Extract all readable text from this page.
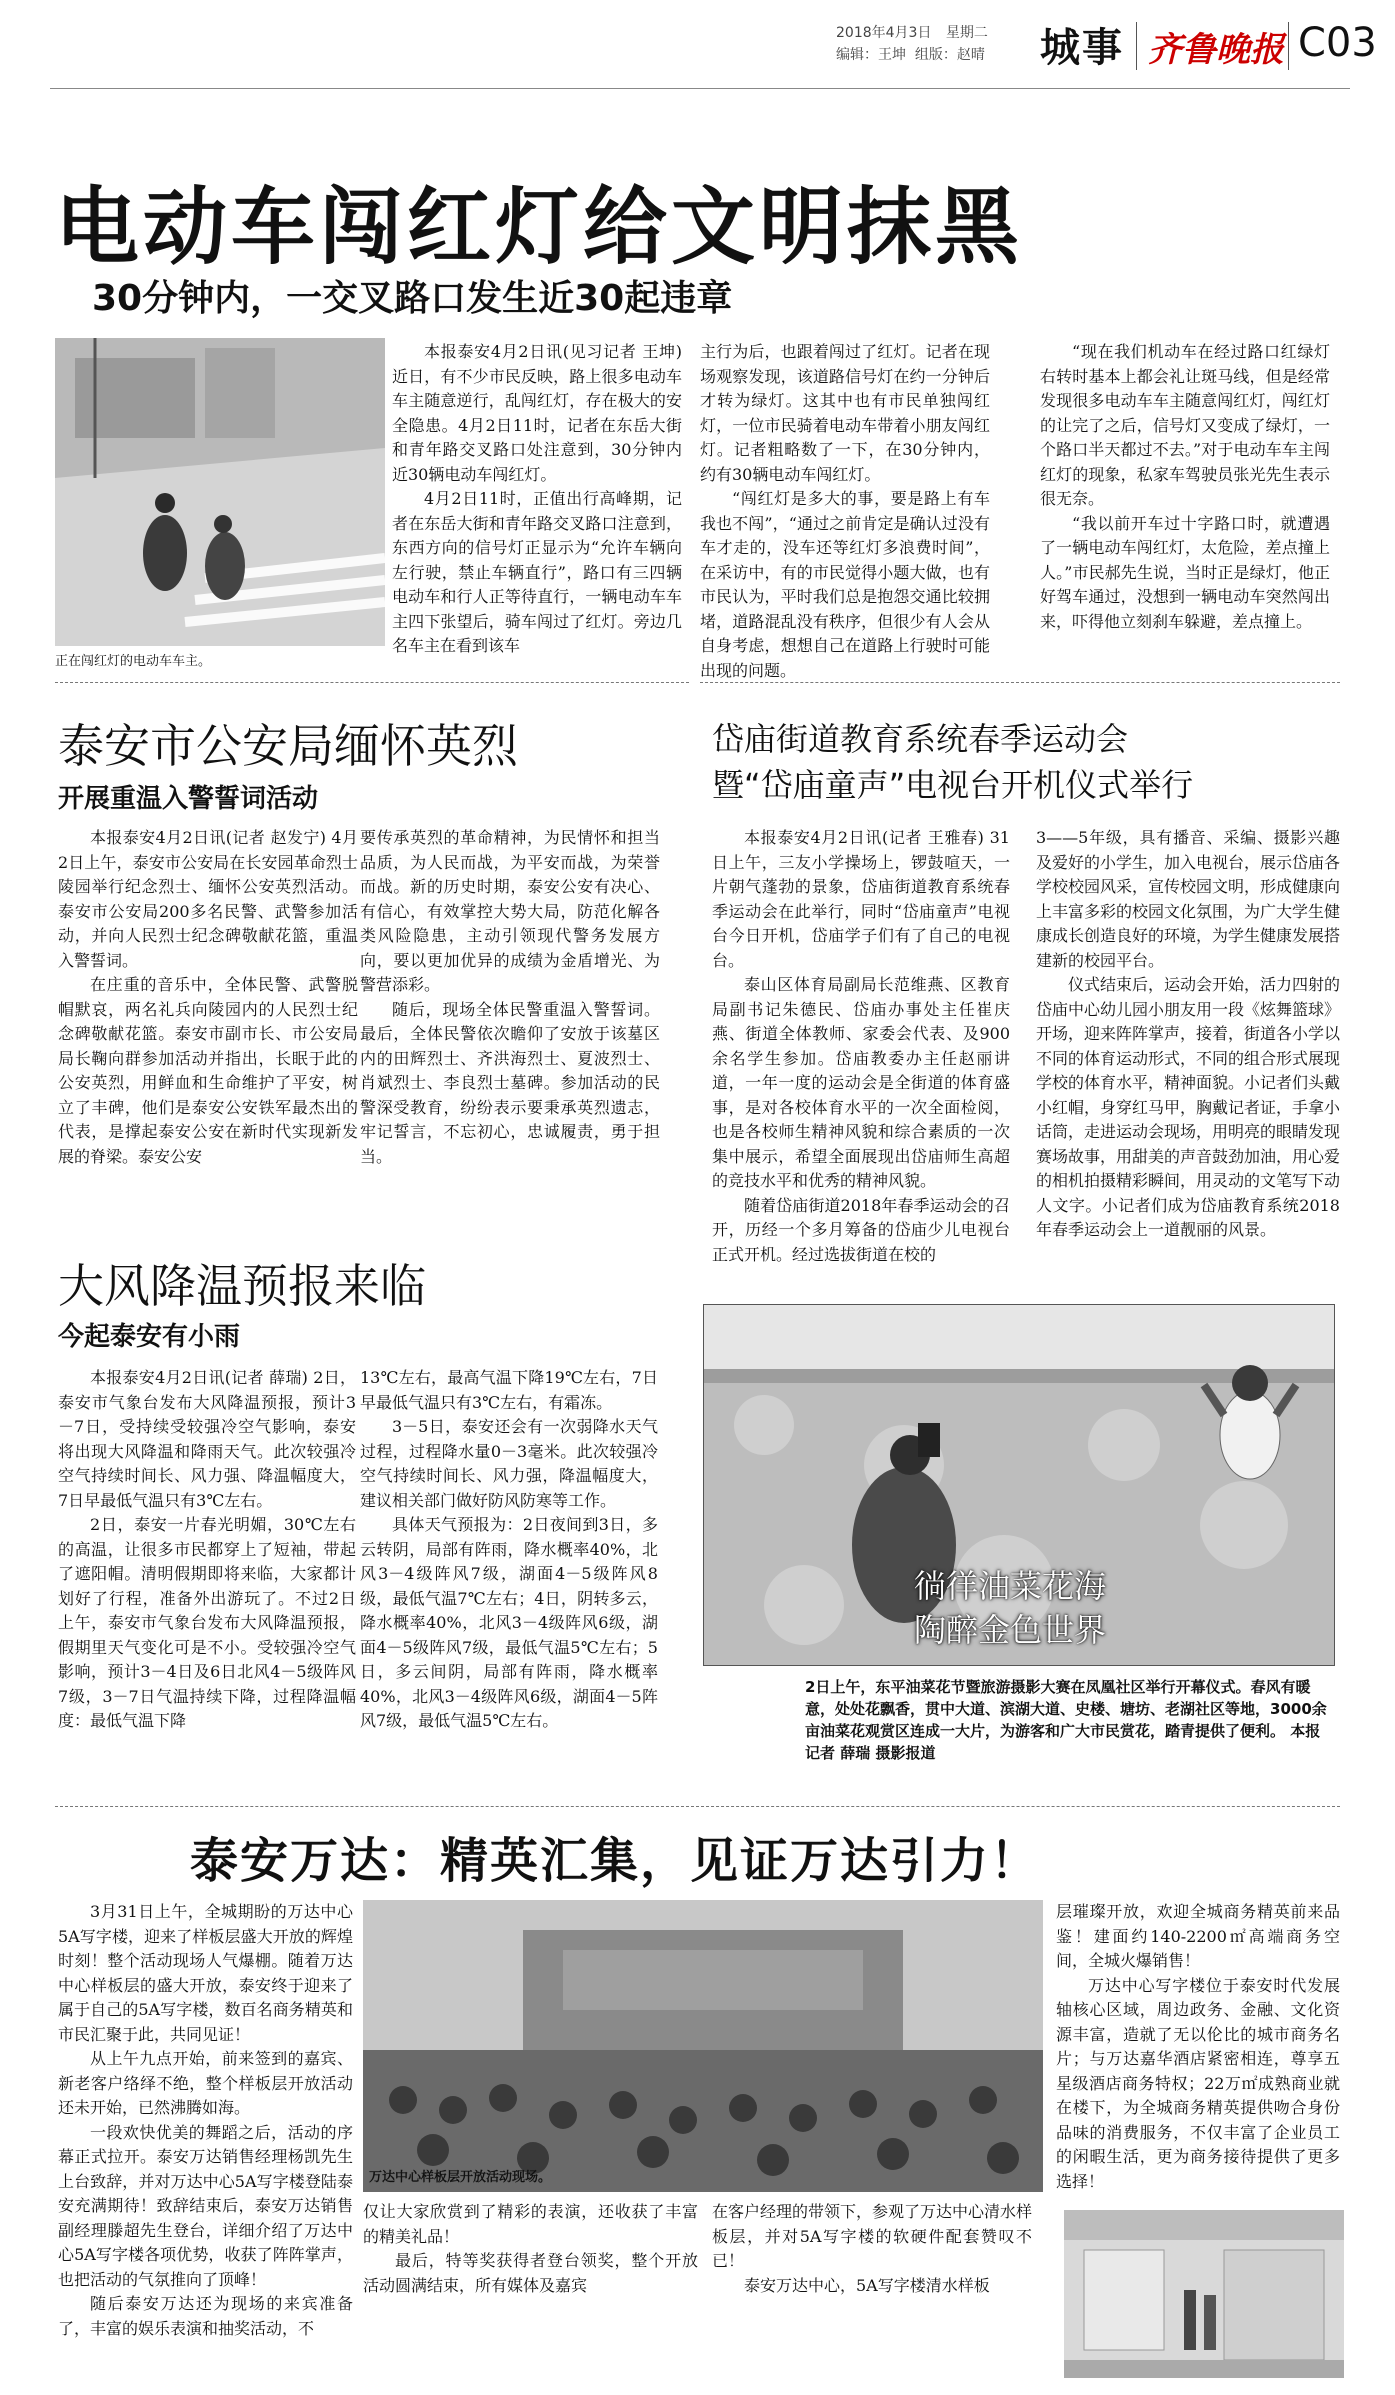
2018年4月3日 星期二
编辑：王坤  组版：赵晴 城事 齐鲁晚报 C03
电动车闯红灯给文明抹黑
30分钟内，一交叉路口发生近30起违章
正在闯红灯的电动车车主。

本报泰安4月2日讯(见习记者 王坤) 近日，有不少市民反映，路上很多电动车车主随意逆行，乱闯红灯，存在极大的安全隐患。4月2日11时，记者在东岳大街和青年路交叉路口处注意到，30分钟内近30辆电动车闯红灯。

4月2日11时，正值出行高峰期，记者在东岳大街和青年路交叉路口注意到，东西方向的信号灯正显示为“允许车辆向左行驶，禁止车辆直行”，路口有三四辆电动车和行人正等待直行，一辆电动车车主四下张望后，骑车闯过了红灯。旁边几名车主在看到该车

主行为后，也跟着闯过了红灯。记者在现场观察发现，该道路信号灯在约一分钟后才转为绿灯。这其中也有市民单独闯红灯，一位市民骑着电动车带着小朋友闯红灯。记者粗略数了一下，在30分钟内，约有30辆电动车闯红灯。

“闯红灯是多大的事，要是路上有车我也不闯”，“通过之前肯定是确认过没有车才走的，没车还等红灯多浪费时间”，在采访中，有的市民觉得小题大做，也有市民认为，平时我们总是抱怨交通比较拥堵，道路混乱没有秩序，但很少有人会从自身考虑，想想自己在道路上行驶时可能出现的问题。

“现在我们机动车在经过路口红绿灯右转时基本上都会礼让斑马线，但是经常发现很多电动车车主随意闯红灯，闯红灯的让完了之后，信号灯又变成了绿灯，一个路口半天都过不去。”对于电动车车主闯红灯的现象，私家车驾驶员张光先生表示很无奈。

“我以前开车过十字路口时，就遭遇了一辆电动车闯红灯，太危险，差点撞上人。”市民郝先生说，当时正是绿灯，他正好驾车通过，没想到一辆电动车突然闯出来，吓得他立刻刹车躲避，差点撞上。

泰安市公安局缅怀英烈
开展重温入警誓词活动

本报泰安4月2日讯(记者 赵发宁) 4月2日上午，泰安市公安局在长安园革命烈士陵园举行纪念烈士、缅怀公安英烈活动。泰安市公安局200多名民警、武警参加活动，并向人民烈士纪念碑敬献花篮，重温入警誓词。

在庄重的音乐中，全体民警、武警脱帽默哀，两名礼兵向陵园内的人民烈士纪念碑敬献花篮。泰安市副市长、市公安局局长鞠向群参加活动并指出，长眠于此的公安英烈，用鲜血和生命维护了平安，树立了丰碑，他们是泰安公安铁军最杰出的代表，是撑起泰安公安在新时代实现新发展的脊梁。泰安公安

要传承英烈的革命精神，为民情怀和担当品质，为人民而战，为平安而战，为荣誉而战。新的历史时期，泰安公安有决心、有信心，有效掌控大势大局，防范化解各类风险隐患，主动引领现代警务发展方向，要以更加优异的成绩为金盾增光、为警营添彩。

随后，现场全体民警重温入警誓词。最后，全体民警依次瞻仰了安放于该墓区内的田辉烈士、齐洪海烈士、夏波烈士、肖斌烈士、李良烈士墓碑。参加活动的民警深受教育，纷纷表示要秉承英烈遗志，牢记誓言，不忘初心，忠诚履责，勇于担当。

岱庙街道教育系统春季运动会
暨“岱庙童声”电视台开机仪式举行

本报泰安4月2日讯(记者 王雅春) 31日上午，三友小学操场上，锣鼓喧天，一片朝气蓬勃的景象，岱庙街道教育系统春季运动会在此举行，同时“岱庙童声”电视台今日开机，岱庙学子们有了自己的电视台。

泰山区体育局副局长范维燕、区教育局副书记朱德民、岱庙办事处主任崔庆燕、街道全体教师、家委会代表、及900余名学生参加。岱庙教委办主任赵丽讲道，一年一度的运动会是全街道的体育盛事，是对各校体育水平的一次全面检阅，也是各校师生精神风貌和综合素质的一次集中展示，希望全面展现出岱庙师生高超的竞技水平和优秀的精神风貌。

随着岱庙街道2018年春季运动会的召开，历经一个多月筹备的岱庙少儿电视台正式开机。经过选拔街道在校的

3——5年级，具有播音、采编、摄影兴趣及爱好的小学生，加入电视台，展示岱庙各学校校园风采，宣传校园文明，形成健康向上丰富多彩的校园文化氛围，为广大学生健康成长创造良好的环境，为学生健康发展搭建新的校园平台。

仪式结束后，运动会开始，活力四射的岱庙中心幼儿园小朋友用一段《炫舞篮球》开场，迎来阵阵掌声，接着，街道各小学以不同的体育运动形式，不同的组合形式展现学校的体育水平，精神面貌。小记者们头戴小红帽，身穿红马甲，胸戴记者证，手拿小话筒，走进运动会现场，用明亮的眼睛发现赛场故事，用甜美的声音鼓劲加油，用心爱的相机拍摄精彩瞬间，用灵动的文笔写下动人文字。小记者们成为岱庙教育系统2018年春季运动会上一道靓丽的风景。

大风降温预报来临
今起泰安有小雨

本报泰安4月2日讯(记者 薛瑞) 2日，泰安市气象台发布大风降温预报，预计3－7日，受持续受较强冷空气影响，泰安将出现大风降温和降雨天气。此次较强冷空气持续时间长、风力强、降温幅度大，7日早最低气温只有3℃左右。

2日，泰安一片春光明媚，30℃左右的高温，让很多市民都穿上了短袖，带起了遮阳帽。清明假期即将来临，大家都计划好了行程，准备外出游玩了。不过2日上午，泰安市气象台发布大风降温预报，假期里天气变化可是不小。受较强冷空气影响，预计3－4日及6日北风4－5级阵风7级，3－7日气温持续下降，过程降温幅度：最低气温下降

13℃左右，最高气温下降19℃左右，7日早最低气温只有3℃左右，有霜冻。

3－5日，泰安还会有一次弱降水天气过程，过程降水量0－3毫米。此次较强冷空气持续时间长、风力强，降温幅度大，建议相关部门做好防风防寒等工作。

具体天气预报为：2日夜间到3日，多云转阴，局部有阵雨，降水概率40%，北风3－4级阵风7级，湖面4－5级阵风8级，最低气温7℃左右；4日，阴转多云，降水概率40%，北风3－4级阵风6级，湖面4－5级阵风7级，最低气温5℃左右；5日，多云间阴，局部有阵雨，降水概率40%，北风3－4级阵风6级，湖面4－5阵风7级，最低气温5℃左右。

徜徉油菜花海
陶醉金色世界
2日上午，东平油菜花节暨旅游摄影大赛在凤凰社区举行开幕仪式。春风有暖意，处处花飘香，贯中大道、滨湖大道、史楼、塘坊、老湖社区等地，3000余亩油菜花观赏区连成一大片，为游客和广大市民赏花，踏青提供了便利。 本报记者 薛瑞 摄影报道
泰安万达：精英汇集，见证万达引力！

3月31日上午，全城期盼的万达中心5A写字楼，迎来了样板层盛大开放的辉煌时刻！整个活动现场人气爆棚。随着万达中心样板层的盛大开放，泰安终于迎来了属于自己的5A写字楼，数百名商务精英和市民汇聚于此，共同见证！

从上午九点开始，前来签到的嘉宾、新老客户络绎不绝，整个样板层开放活动还未开始，已然沸腾如海。

一段欢快优美的舞蹈之后，活动的序幕正式拉开。泰安万达销售经理杨凯先生上台致辞，并对万达中心5A写字楼登陆泰安充满期待！致辞结束后，泰安万达销售副经理滕超先生登台，详细介绍了万达中心5A写字楼各项优势，收获了阵阵掌声，也把活动的气氛推向了顶峰！

随后泰安万达还为现场的来宾准备了，丰富的娱乐表演和抽奖活动，不

万达中心样板层开放活动现场。

仅让大家欣赏到了精彩的表演，还收获了丰富的精美礼品！

最后，特等奖获得者登台领奖，整个开放活动圆满结束，所有媒体及嘉宾

在客户经理的带领下，参观了万达中心清水样板层，并对5A写字楼的软硬件配套赞叹不已！

泰安万达中心，5A写字楼清水样板

层璀璨开放，欢迎全城商务精英前来品鉴！建面约140-2200㎡高端商务空间，全城火爆销售！

万达中心写字楼位于泰安时代发展轴核心区域，周边政务、金融、文化资源丰富，造就了无以伦比的城市商务名片；与万达嘉华酒店紧密相连，尊享五星级酒店商务特权；22万㎡成熟商业就在楼下，为全城商务精英提供吻合身份品味的消费服务，不仅丰富了企业员工的闲暇生活，更为商务接待提供了更多选择！
